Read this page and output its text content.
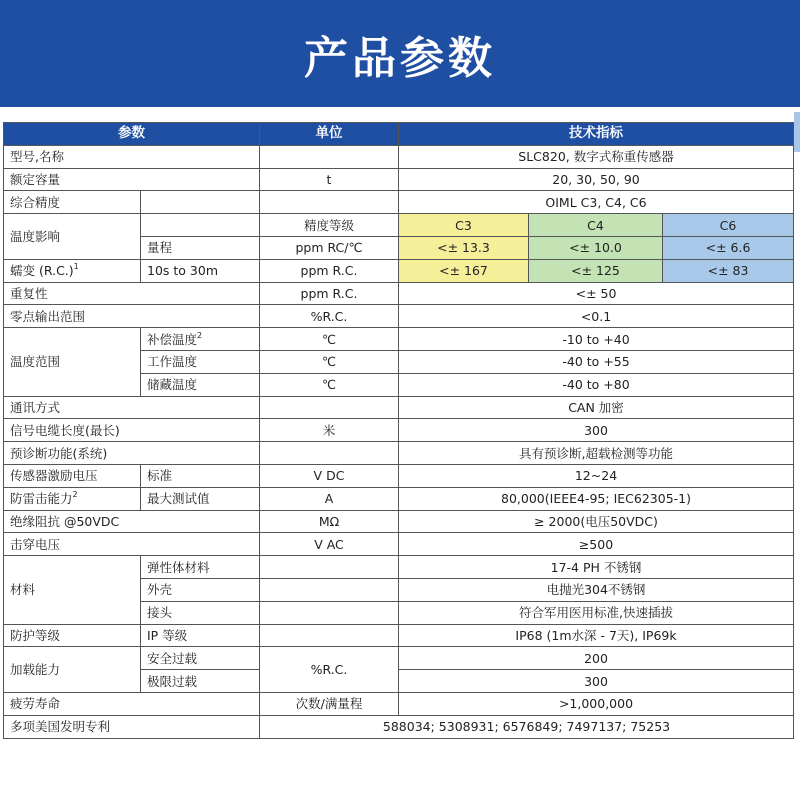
产品参数
参数		单位	技术指标		
型号,名称			SLC820, 数字式称重传感器		
额定容量		t	20, 30, 50, 90		
综合精度			OIML C3, C4, C6		
温度影响		精度等级	C3	C4	C6
	量程	ppm RC/℃	<± 13.3	<± 10.0	<± 6.6
蠕变 $(R.C.)^1$	10s to 30m	ppm R.C.	<± 167	<± 125	<± 83
重复性		ppm R.C.	<± 50		
零点输出范围		%R.C.	<0.1		
温度范围	补偿温度$^2$	℃	-10 to +40		
	工作温度	℃	-40 to +55		
	储藏温度	℃	-40 to +80		
通讯方式			CAN 加密		
信号电缆长度(最长)		米	300		
预诊断功能(系统)			具有预诊断,超载检测等功能		
传感器激励电压	标准	V DC	12~24		
防雷击能力$^2$	最大测试值	A	80,000(IEEE4-95; IEC62305-1)		
绝缘阻抗 @50VDC		MΩ	≥ 2000(电压50VDC)		
击穿电压		V AC	≥500		
材料	弹性体材料		17-4 PH 不锈钢		
	外壳		电抛光304不锈钢		
	接头		符合军用医用标准,快速插拔		
防护等级	IP 等级		IP68 (1m水深 - 7天), IP69k		
加载能力	安全过载	%R.C.	200		
	极限过载		300		
疲劳寿命		次数/满量程	>1,000,000		
多项美国发明专利		588034; 5308931; 6576849; 7497137; 75253			
